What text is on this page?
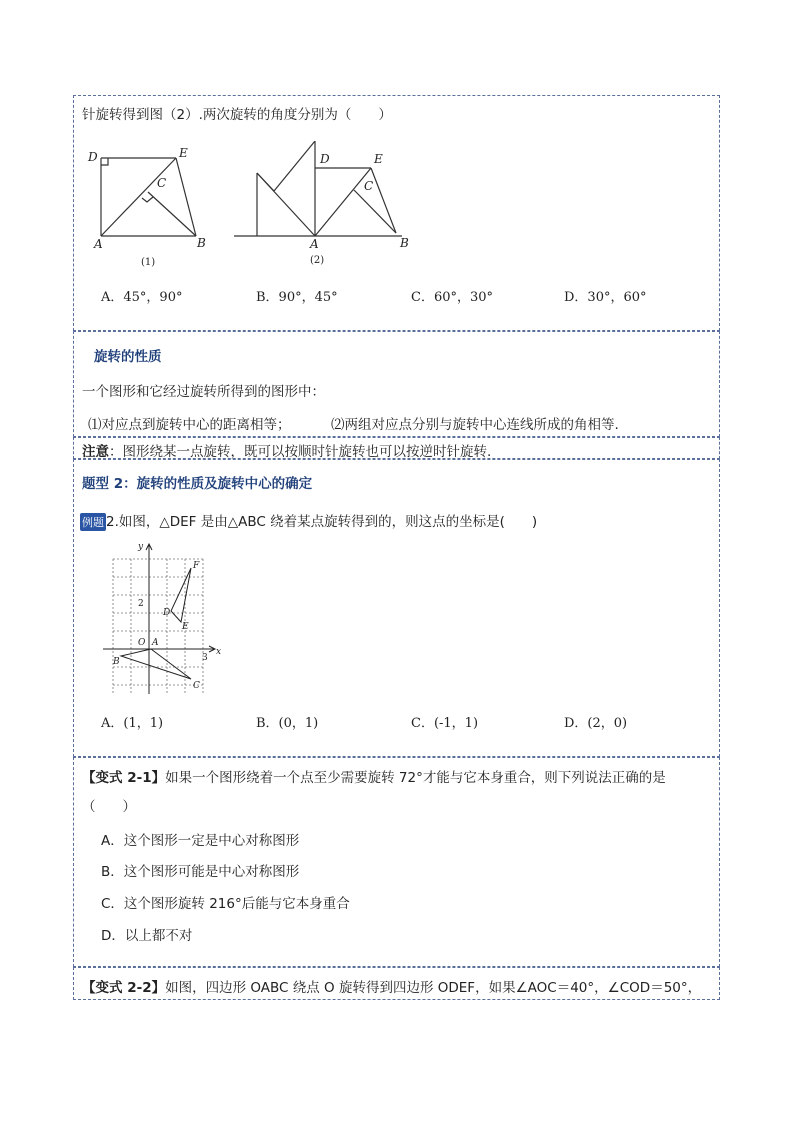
针旋转得到图（2）.两次旋转的角度分别为（　　）
D	E
C
A	B
(1)
D	E
C
A	B
(2)
A．45°，90°	B．90°，45°	C．60°，30°	D．30°，60°
旋转的性质
一个图形和它经过旋转所得到的图形中：
⑴对应点到旋转中心的距离相等；	⑵两组对应点分别与旋转中心连线所成的角相等.
注意：图形绕某一点旋转，既可以按顺时针旋转也可以按逆时针旋转.
题型 2：旋转的性质及旋转中心的确定
例题 2.如图，△DEF 是由△ABC 绕着某点旋转得到的，则这点的坐标是(　　)
y
x
O
2
3
F
D
E
A
B
C
A．(1，1)	B．(0，1)	C．(-1，1)	D．(2，0)
【变式 2-1】如果一个图形绕着一个点至少需要旋转 72°才能与它本身重合，则下列说法正确的是
（　　）
A．这个图形一定是中心对称图形
B．这个图形可能是中心对称图形
C．这个图形旋转 216°后能与它本身重合
D．以上都不对
【变式 2-2】如图，四边形 OABC 绕点 O 旋转得到四边形 ODEF，如果∠AOC＝40°，∠COD＝50°，
